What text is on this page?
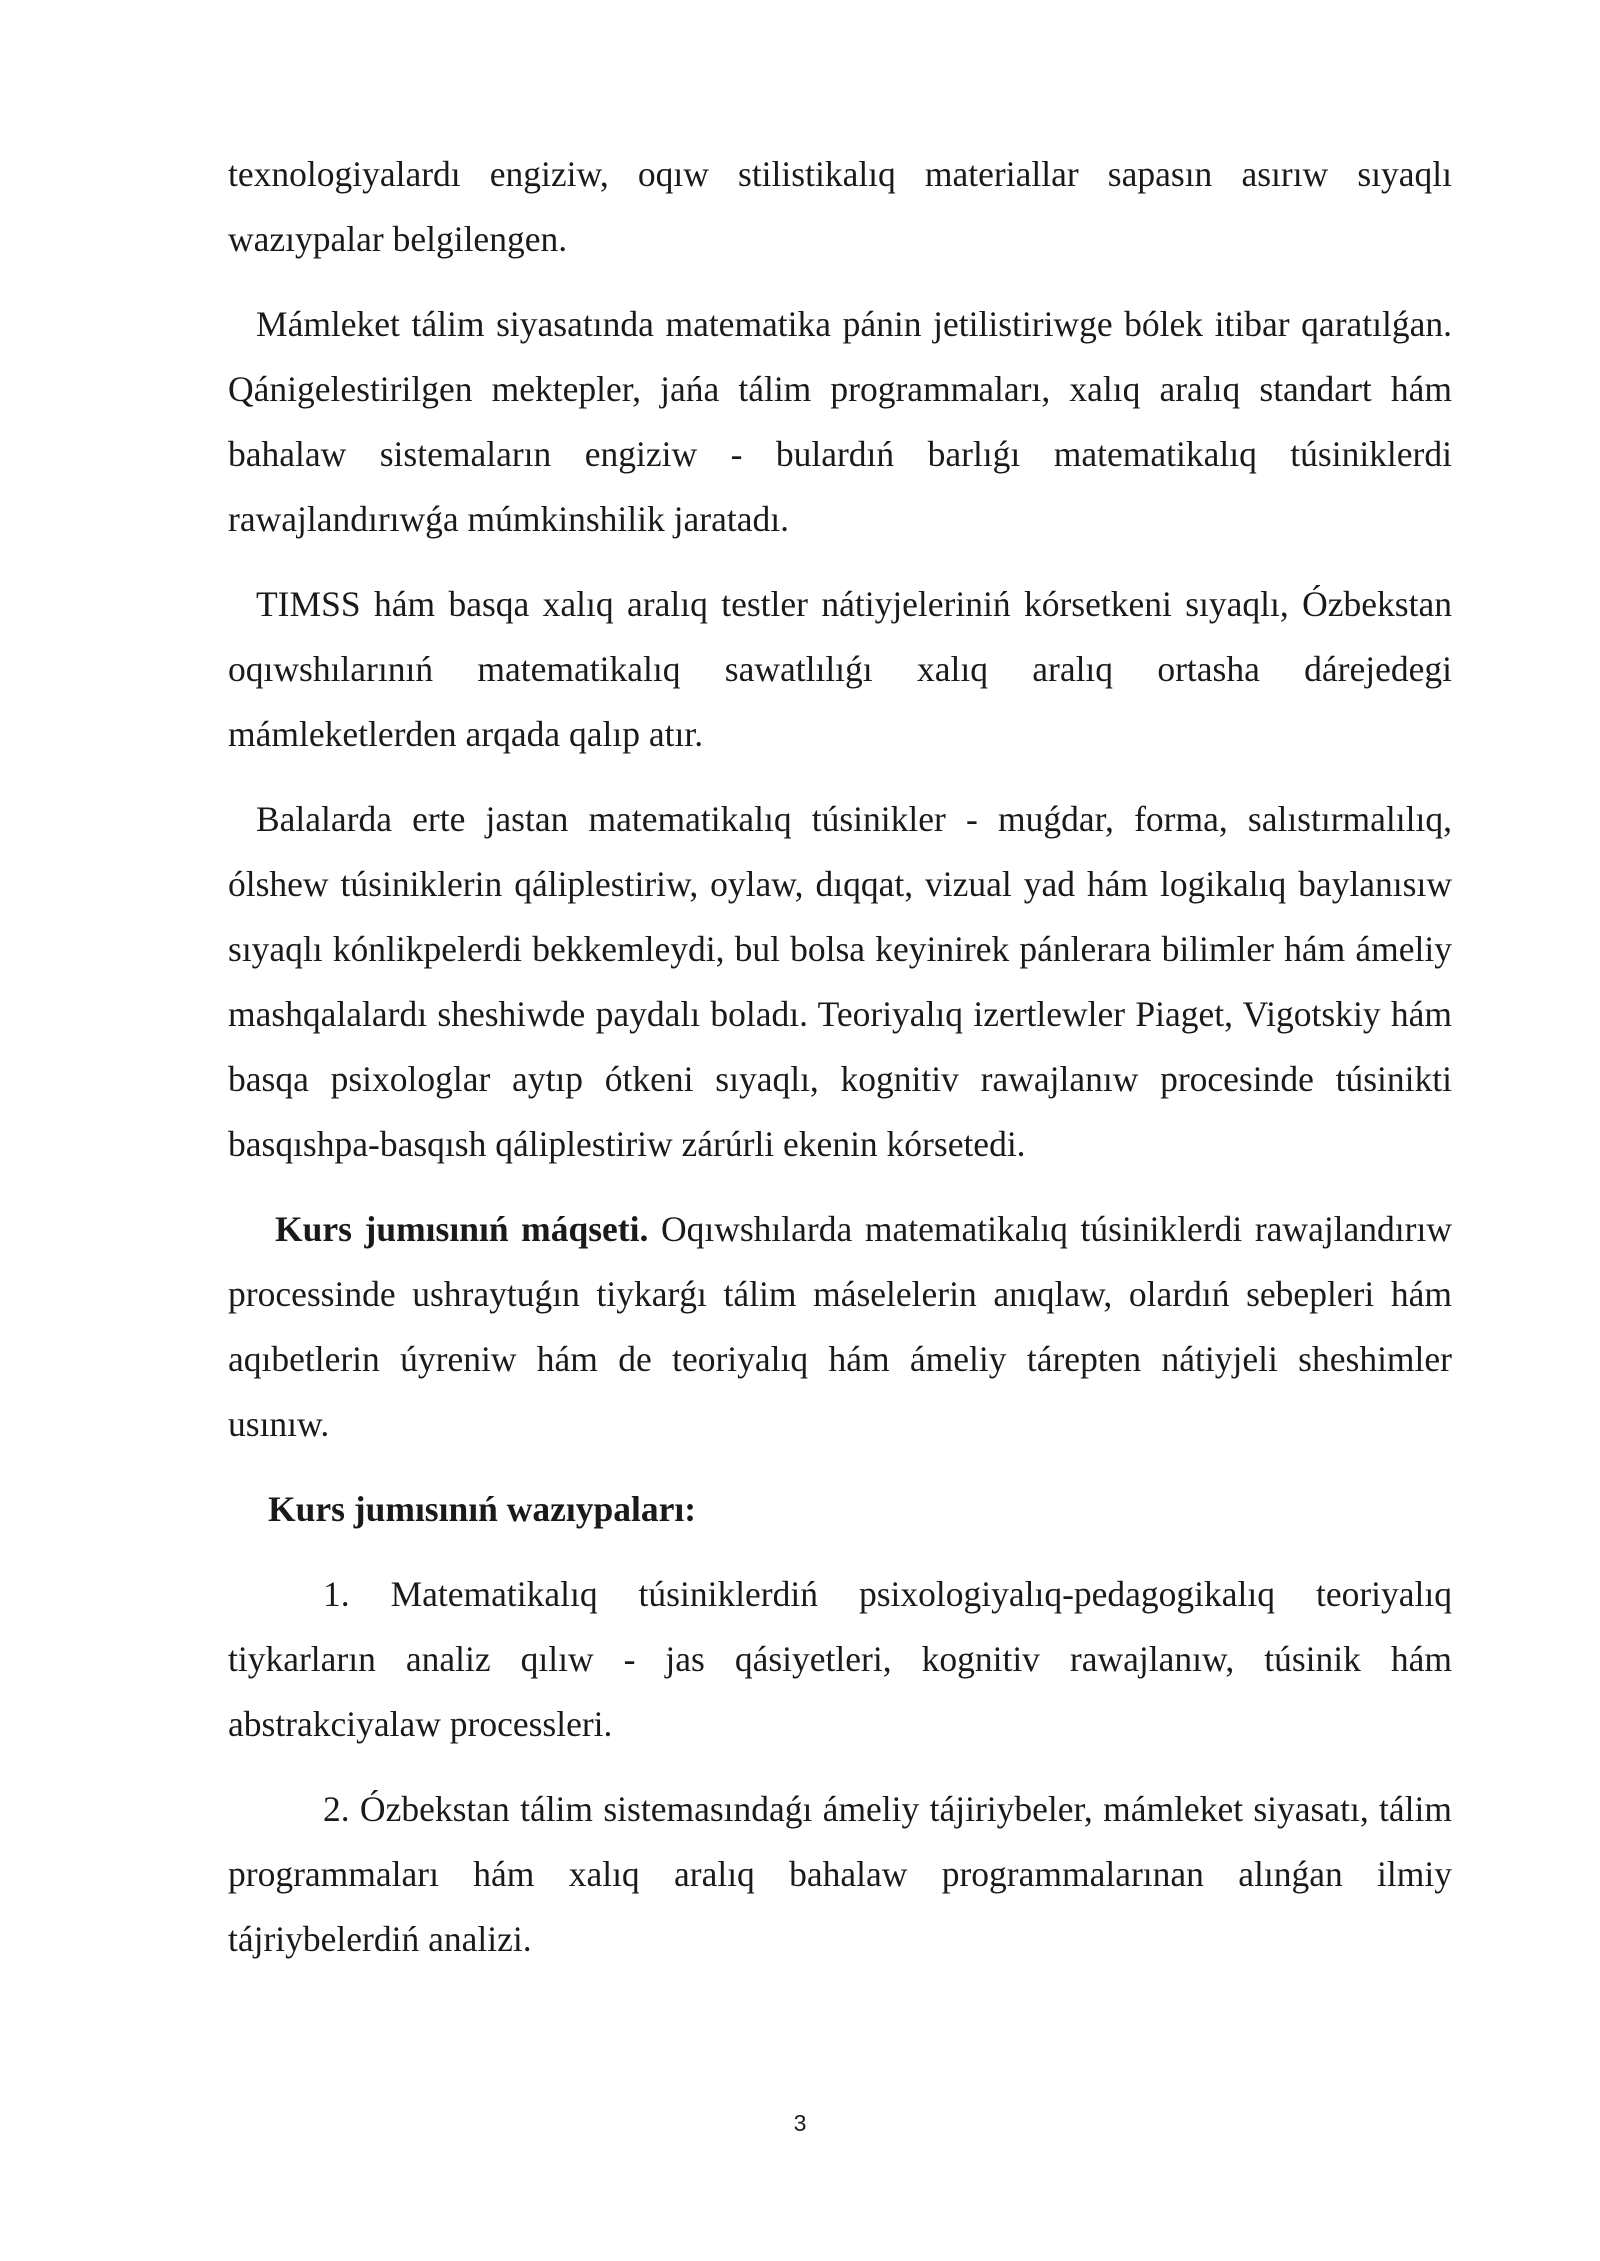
texnologiyalardı engiziw, oqıw stilistikalıq materiallar sapasın asırıw sıyaqlı wazıypalar belgilengen.

Mámleket tálim siyasatında matematika pánin jetilistiriwge bólek itibar qaratılǵan. Qánigelestirilgen mektepler, jańa tálim programmaları, xalıq aralıq standart hám bahalaw sistemaların engiziw - bulardıń barlıǵı matematikalıq túsiniklerdi rawajlandırıwǵa múmkinshilik jaratadı.

TIMSS hám basqa xalıq aralıq testler nátiyjeleriniń kórsetkeni sıyaqlı, Ózbekstan oqıwshılarınıń matematikalıq sawatlılıǵı xalıq aralıq ortasha dárejedegi mámleketlerden arqada qalıp atır.

Balalarda erte jastan matematikalıq túsinikler - muǵdar, forma, salıstırmalılıq, ólshew túsiniklerin qáliplestiriw, oylaw, dıqqat, vizual yad hám logikalıq baylanısıw sıyaqlı kónlikpelerdi bekkemleydi, bul bolsa keyinirek pánlerara bilimler hám ámeliy mashqalalardı sheshiwde paydalı boladı. Teoriyalıq izertlewler Piaget, Vigotskiy hám basqa psixologlar aytıp ótkeni sıyaqlı, kognitiv rawajlanıw procesinde túsinikti basqıshpa-basqısh qáliplestiriw zárúrli ekenin kórsetedi.

Kurs jumısınıń máqseti. Oqıwshılarda matematikalıq túsiniklerdi rawajlandırıw processinde ushraytuǵın tiykarǵı tálim máselelerin anıqlaw, olardıń sebepleri hám aqıbetlerin úyreniw hám de teoriyalıq hám ámeliy tárepten nátiyjeli sheshimler usınıw.

Kurs jumısınıń wazıypaları:

1. Matematikalıq túsiniklerdiń psixologiyalıq-pedagogikalıq teoriyalıq tiykarların analiz qılıw - jas qásiyetleri, kognitiv rawajlanıw, túsinik hám abstrakciyalaw processleri.

2. Ózbekstan tálim sistemasındaǵı ámeliy tájiriybeler, mámleket siyasatı, tálim programmaları hám xalıq aralıq bahalaw programmalarınan alınǵan ilmiy tájriybelerdiń analizi.

3
